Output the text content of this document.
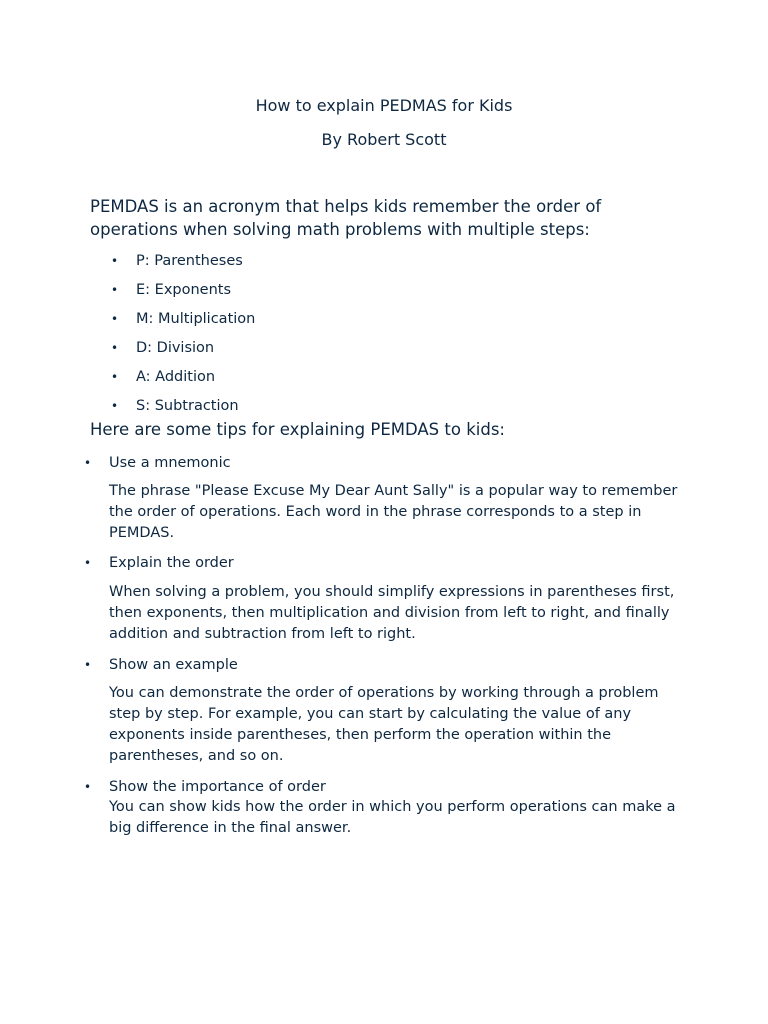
How to explain PEDMAS for Kids
By Robert Scott

PEMDAS is an acronym that helps kids remember the order of operations when solving math problems with multiple steps:

• P: Parentheses
• E: Exponents
• M: Multiplication
• D: Division
• A: Addition
• S: Subtraction
Here are some tips for explaining PEMDAS to kids:
• Use a mnemonic
The phrase "Please Excuse My Dear Aunt Sally" is a popular way to remember the order of operations. Each word in the phrase corresponds to a step in PEMDAS.
• Explain the order
When solving a problem, you should simplify expressions in parentheses first, then exponents, then multiplication and division from left to right, and finally addition and subtraction from left to right.
• Show an example
You can demonstrate the order of operations by working through a problem step by step. For example, you can start by calculating the value of any exponents inside parentheses, then perform the operation within the parentheses, and so on.
• Show the importance of order
You can show kids how the order in which you perform operations can make a big difference in the final answer.
